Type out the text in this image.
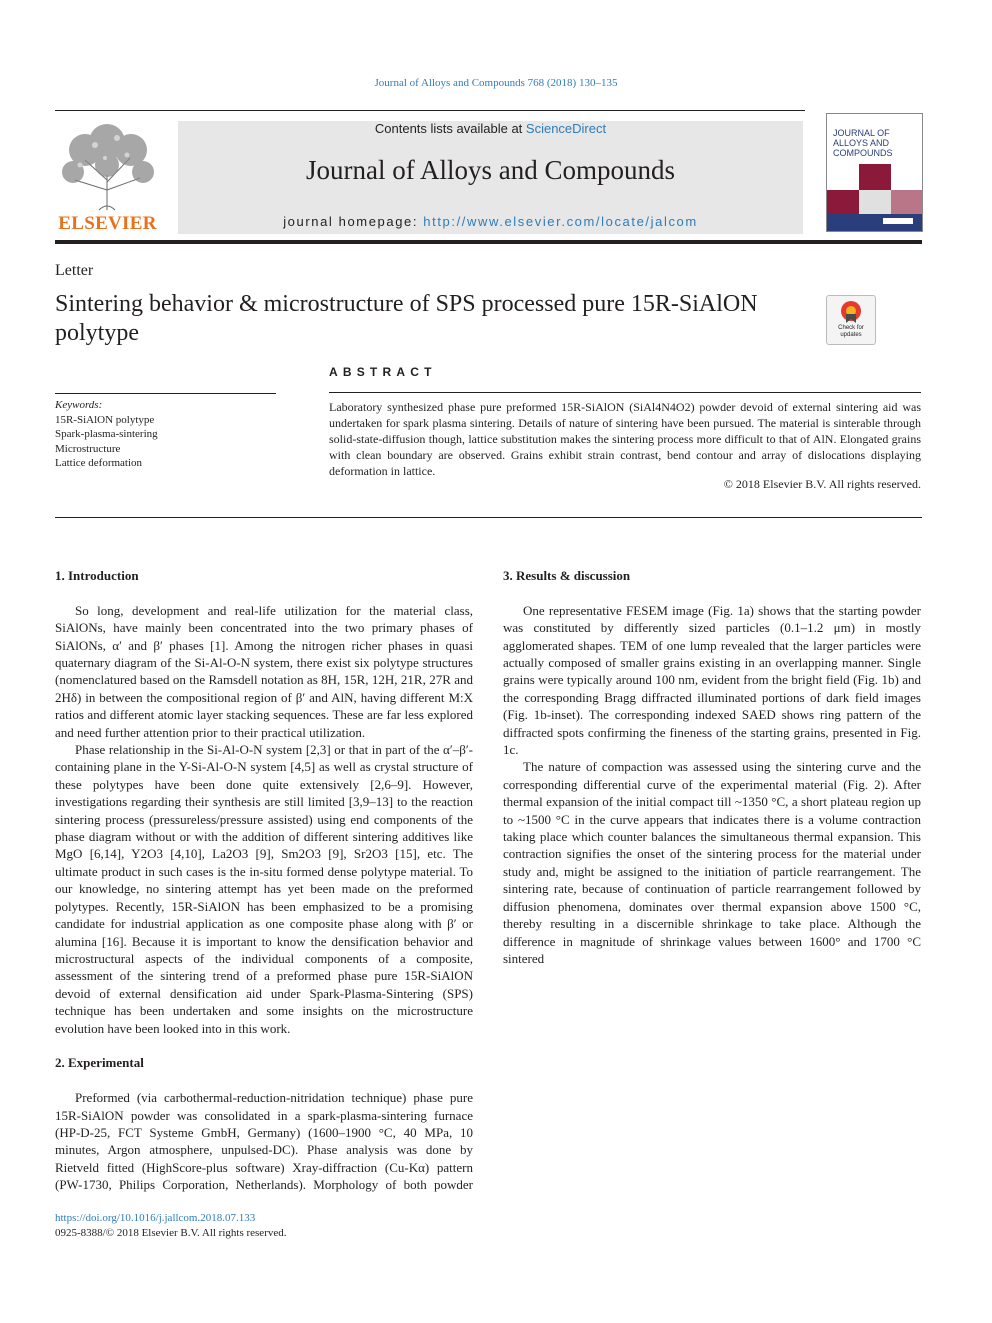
Journal of Alloys and Compounds 768 (2018) 130–135
ELSEVIER
Contents lists available at ScienceDirect
Journal of Alloys and Compounds
journal homepage: http://www.elsevier.com/locate/jalcom
JOURNAL OF ALLOYS AND COMPOUNDS
Letter
Sintering behavior & microstructure of SPS processed pure 15R-SiAlON polytype	Check for updates
Keywords:
15R-SiAlON polytype
Spark-plasma-sintering
Microstructure
Lattice deformation
ABSTRACT
Laboratory synthesized phase pure preformed 15R-SiAlON (SiAl4N4O2) powder devoid of external sintering aid was undertaken for spark plasma sintering. Details of nature of sintering have been pursued. The material is sinterable through solid-state-diffusion though, lattice substitution makes the sintering process more difficult to that of AlN. Elongated grains with clean boundary are observed. Grains exhibit strain contrast, bend contour and array of dislocations displaying deformation in lattice.
© 2018 Elsevier B.V. All rights reserved.
1. Introduction

So long, development and real-life utilization for the material class, SiAlONs, have mainly been concentrated into the two primary phases of SiAlONs, α′ and β′ phases [1]. Among the nitrogen richer phases in quasi quaternary diagram of the Si-Al-O-N system, there exist six polytype structures (nomenclatured based on the Ramsdell notation as 8H, 15R, 12H, 21R, 27R and 2Hδ) in between the compositional region of β′ and AlN, having different M:X ratios and different atomic layer stacking sequences. These are far less explored and need further attention prior to their practical utilization.

Phase relationship in the Si-Al-O-N system [2,3] or that in part of the α′–β′- containing plane in the Y-Si-Al-O-N system [4,5] as well as crystal structure of these polytypes have been done quite extensively [2,6–9]. However, investigations regarding their synthesis are still limited [3,9–13] to the reaction sintering process (pressureless/pressure assisted) using end components of the phase diagram without or with the addition of different sintering additives like MgO [6,14], Y2O3 [4,10], La2O3 [9], Sm2O3 [9], Sr2O3 [15], etc. The ultimate product in such cases is the in-situ formed dense polytype material. To our knowledge, no sintering attempt has yet been made on the preformed polytypes. Recently, 15R-SiAlON has been emphasized to be a promising candidate for industrial application as one composite phase along with β′ or alumina [16]. Because it is important to know the densification behavior and microstructural aspects of the individual components of a composite, assessment of the sintering trend of a preformed phase pure 15R-SiAlON devoid of external densification aid under Spark-Plasma-Sintering (SPS) technique has been undertaken and some insights on the microstructure evolution have been looked into in this work.

2. Experimental

Preformed (via carbothermal-reduction-nitridation technique) phase pure 15R-SiAlON powder was consolidated in a spark-plasma-sintering furnace (HP-D-25, FCT Systeme GmbH, Germany) (1600–1900 °C, 40 MPa, 10 minutes, Argon atmosphere, unpulsed-DC). Phase analysis was done by Rietveld fitted (HighScore-plus software) Xray-diffraction (Cu-Kα) pattern (PW-1730, Philips Corporation, Netherlands). Morphology of both powder

3. Results & discussion

One representative FESEM image (Fig. 1a) shows that the starting powder was constituted by differently sized particles (0.1–1.2 μm) in mostly agglomerated shapes. TEM of one lump revealed that the larger particles were actually composed of smaller grains existing in an overlapping manner. Single grains were typically around 100 nm, evident from the bright field (Fig. 1b) and the corresponding Bragg diffracted illuminated portions of dark field images (Fig. 1b-inset). The corresponding indexed SAED shows ring pattern of the diffracted spots confirming the fineness of the starting grains, presented in Fig. 1c.

The nature of compaction was assessed using the sintering curve and the corresponding differential curve of the experimental material (Fig. 2). After thermal expansion of the initial compact till ~1350 °C, a short plateau region up to ~1500 °C in the curve appears that indicates there is a volume contraction taking place which counter balances the simultaneous thermal expansion. This contraction signifies the onset of the sintering process for the material under study and, might be assigned to the initiation of particle rearrangement. The sintering rate, because of continuation of particle rearrangement followed by diffusion phenomena, dominates over thermal expansion above 1500 °C, thereby resulting in a discernible shrinkage to take place. Although the difference in magnitude of shrinkage values between 1600° and 1700 °C sintered

https://doi.org/10.1016/j.jallcom.2018.07.133
0925-8388/© 2018 Elsevier B.V. All rights reserved.
